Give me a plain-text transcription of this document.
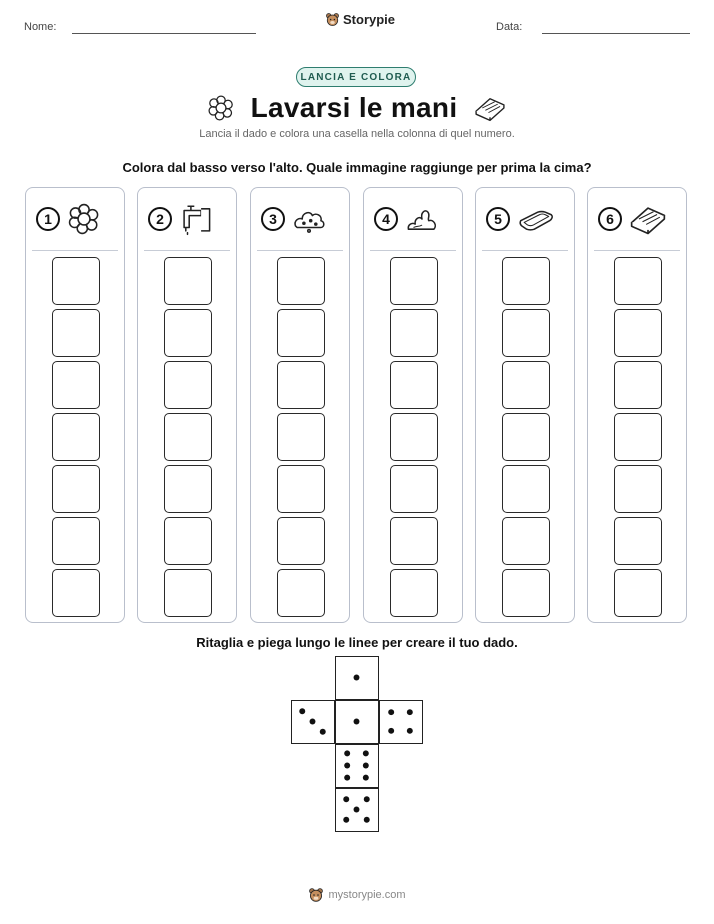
Nome:	Storypie	Data:
LANCIA E COLORA
Lavarsi le mani
Lancia il dado e colora una casella nella colonna di quel numero.
Colora dal basso verso l'alto. Quale immagine raggiunge per prima la cima?
1	2	3	4	5	6
Ritaglia e piega lungo le linee per creare il tuo dado.
mystorypie.com
